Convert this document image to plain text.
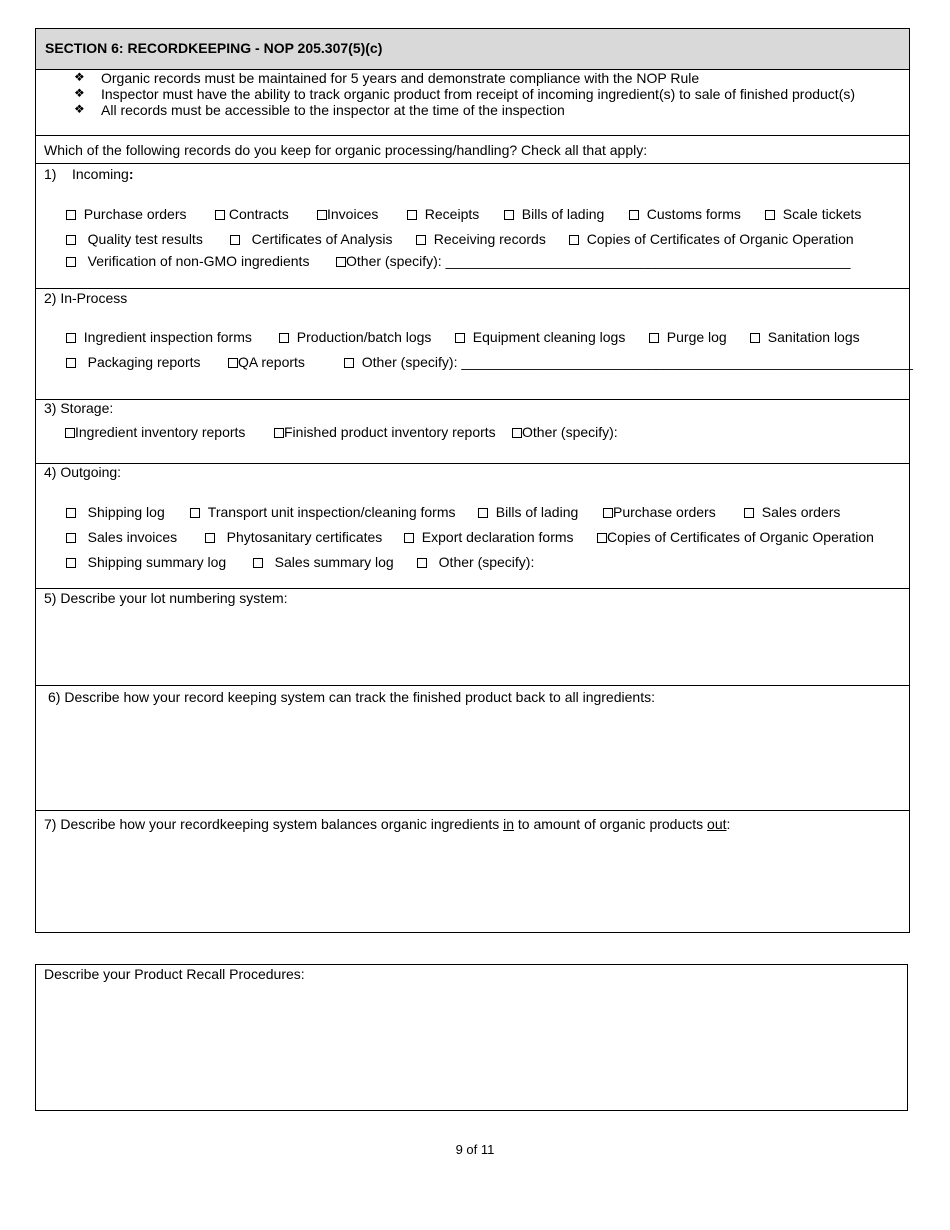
SECTION 6: RECORDKEEPING - NOP 205.307(5)(c)
❖ Organic records must be maintained for 5 years and demonstrate compliance with the NOP Rule
❖ Inspector must have the ability to track organic product from receipt of incoming ingredient(s) to sale of finished product(s)
❖ All records must be accessible to the inspector at the time of the inspection
Which of the following records do you keep for organic processing/handling? Check all that apply:
1) Incoming:
Purchase orders	Contracts	Invoices	Receipts	Bills of lading	Customs forms	Scale tickets
Quality test results	Certificates of Analysis	Receiving records	Copies of Certificates of Organic Operation
Verification of non-GMO ingredients	Other (specify): ____________________________________________________
2) In-Process
Ingredient inspection forms	Production/batch logs	Equipment cleaning logs	Purge log	Sanitation logs
Packaging reports	QA reports	Other (specify): __________________________________________________________
3) Storage:
Ingredient inventory reports	Finished product inventory reports	Other (specify):
4) Outgoing:
Shipping log	Transport unit inspection/cleaning forms	Bills of lading	Purchase orders	Sales orders
Sales invoices	Phytosanitary certificates	Export declaration forms	Copies of Certificates of Organic Operation
Shipping summary log	Sales summary log	Other (specify):
5) Describe your lot numbering system:
6) Describe how your record keeping system can track the finished product back to all ingredients:
7) Describe how your recordkeeping system balances organic ingredients in to amount of organic products out:
Describe your Product Recall Procedures:
9 of 11
